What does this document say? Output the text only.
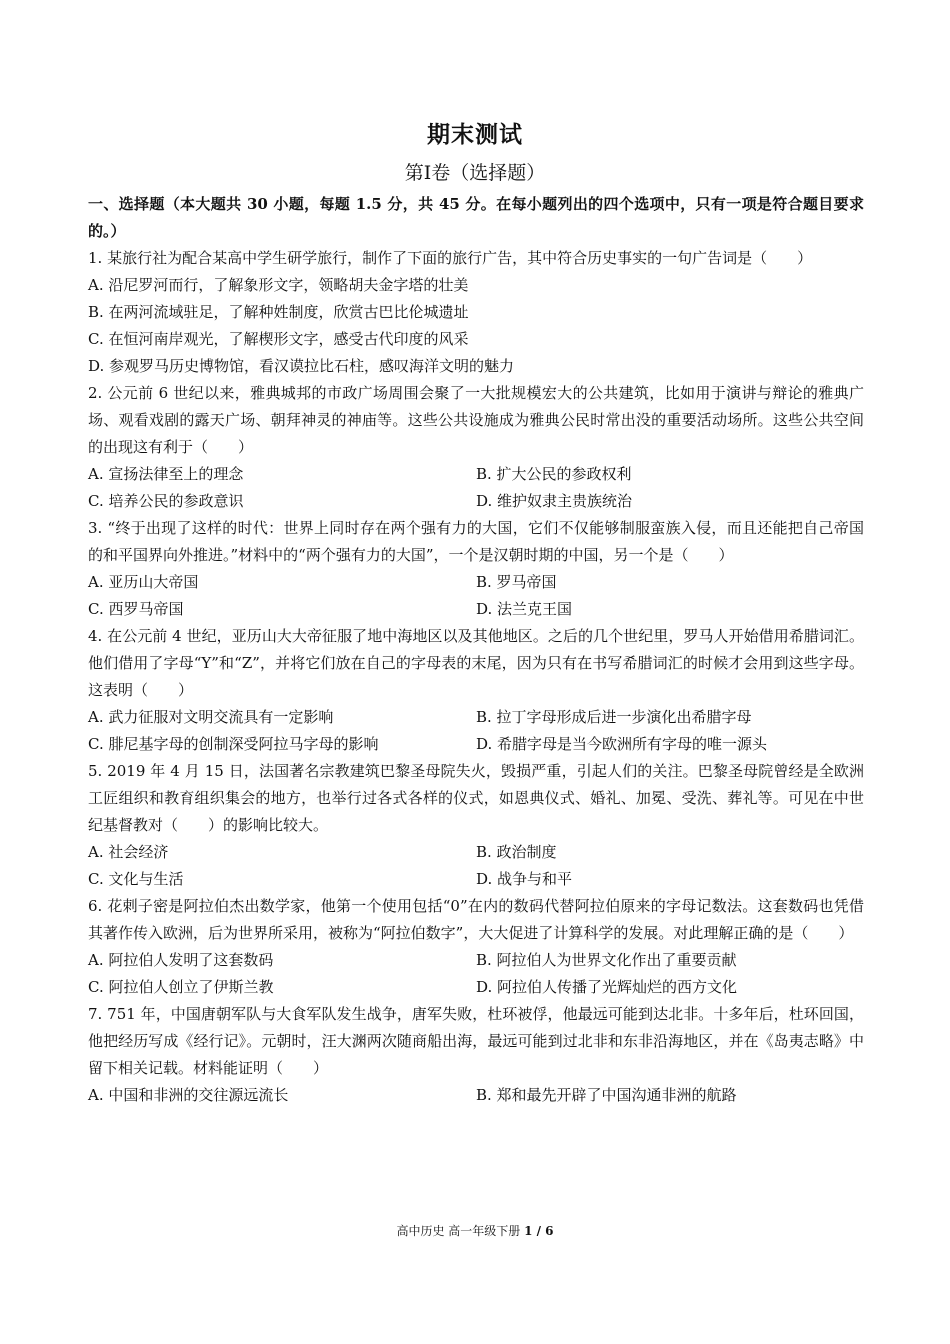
期末测试
第Ⅰ卷（选择题）
一、选择题（本大题共 30 小题，每题 1.5 分，共 45 分。在每小题列出的四个选项中，只有一项是符合题目要求的。）
1. 某旅行社为配合某高中学生研学旅行，制作了下面的旅行广告，其中符合历史事实的一句广告词是（　　）
A. 沿尼罗河而行，了解象形文字，领略胡夫金字塔的壮美
B. 在两河流域驻足，了解种姓制度，欣赏古巴比伦城遗址
C. 在恒河南岸观光，了解楔形文字，感受古代印度的风采
D. 参观罗马历史博物馆，看汉谟拉比石柱，感叹海洋文明的魅力
2. 公元前 6 世纪以来，雅典城邦的市政广场周围会聚了一大批规模宏大的公共建筑，比如用于演讲与辩论的雅典广场、观看戏剧的露天广场、朝拜神灵的神庙等。这些公共设施成为雅典公民时常出没的重要活动场所。这些公共空间的出现这有利于（　　）
A. 宣扬法律至上的理念	B. 扩大公民的参政权利
C. 培养公民的参政意识	D. 维护奴隶主贵族统治
3. “终于出现了这样的时代：世界上同时存在两个强有力的大国，它们不仅能够制服蛮族入侵，而且还能把自己帝国的和平国界向外推进。”材料中的“两个强有力的大国”，一个是汉朝时期的中国，另一个是（　　）
A. 亚历山大帝国	B. 罗马帝国
C. 西罗马帝国	D. 法兰克王国
4. 在公元前 4 世纪，亚历山大大帝征服了地中海地区以及其他地区。之后的几个世纪里，罗马人开始借用希腊词汇。他们借用了字母“Y”和“Z”，并将它们放在自己的字母表的末尾，因为只有在书写希腊词汇的时候才会用到这些字母。这表明（　　）
A. 武力征服对文明交流具有一定影响	B. 拉丁字母形成后进一步演化出希腊字母
C. 腓尼基字母的创制深受阿拉马字母的影响	D. 希腊字母是当今欧洲所有字母的唯一源头
5. 2019 年 4 月 15 日，法国著名宗教建筑巴黎圣母院失火，毁损严重，引起人们的关注。巴黎圣母院曾经是全欧洲工匠组织和教育组织集会的地方，也举行过各式各样的仪式，如恩典仪式、婚礼、加冕、受洗、葬礼等。可见在中世纪基督教对（　　）的影响比较大。
A. 社会经济	B. 政治制度
C. 文化与生活	D. 战争与和平
6. 花剌子密是阿拉伯杰出数学家，他第一个使用包括“0”在内的数码代替阿拉伯原来的字母记数法。这套数码也凭借其著作传入欧洲，后为世界所采用，被称为“阿拉伯数字”，大大促进了计算科学的发展。对此理解正确的是（　　）
A. 阿拉伯人发明了这套数码	B. 阿拉伯人为世界文化作出了重要贡献
C. 阿拉伯人创立了伊斯兰教	D. 阿拉伯人传播了光辉灿烂的西方文化
7. 751 年，中国唐朝军队与大食军队发生战争，唐军失败，杜环被俘，他最远可能到达北非。十多年后，杜环回国，他把经历写成《经行记》。元朝时，汪大渊两次随商船出海，最远可能到过北非和东非沿海地区，并在《岛夷志略》中留下相关记载。材料能证明（　　）
A. 中国和非洲的交往源远流长	B. 郑和最先开辟了中国沟通非洲的航路
高中历史 高一年级下册 1 / 6
